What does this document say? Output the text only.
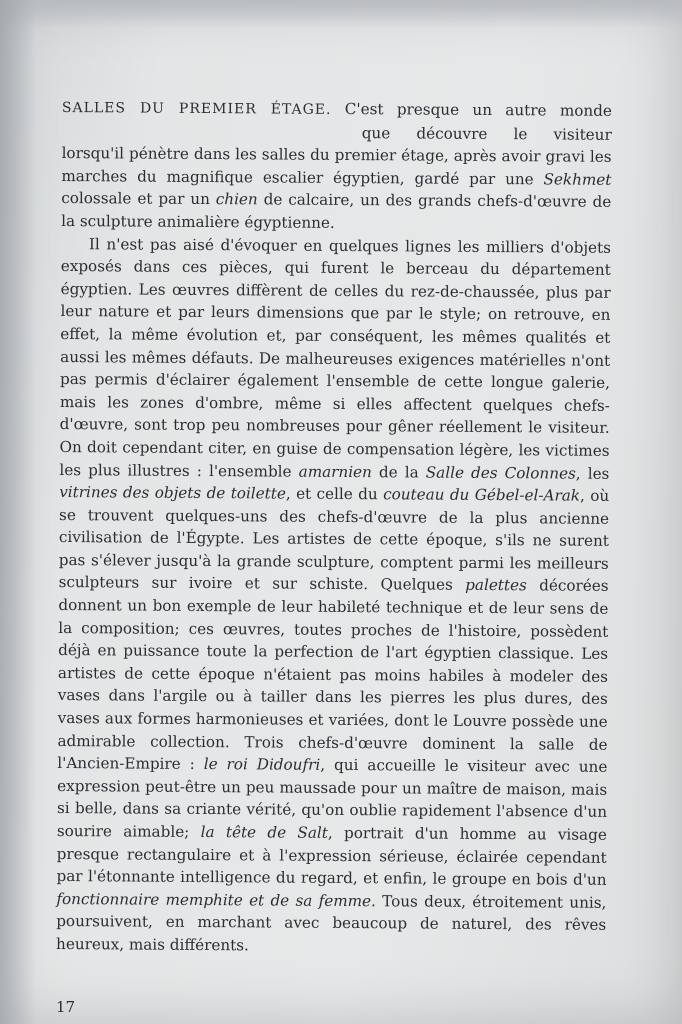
SALLES DU PREMIER ÉTAGE. C'est presque un autre monde
que découvre le visiteur
lorsqu'il pénètre dans les salles du premier étage, après avoir gravi les marches du magnifique escalier égyptien, gardé par une Sekhmet colossale et par un chien de calcaire, un des grands chefs-d'œuvre de la sculpture animalière égyptienne.

Il n'est pas aisé d'évoquer en quelques lignes les milliers d'objets exposés dans ces pièces, qui furent le berceau du département égyptien. Les œuvres diffèrent de celles du rez-de-chaussée, plus par leur nature et par leurs dimensions que par le style; on retrouve, en effet, la même évolution et, par conséquent, les mêmes qualités et aussi les mêmes défauts. De malheureuses exigences matérielles n'ont pas permis d'éclairer également l'ensemble de cette longue galerie, mais les zones d'ombre, même si elles affectent quelques chefs-d'œuvre, sont trop peu nombreuses pour gêner réellement le visiteur. On doit cependant citer, en guise de compensation légère, les victimes les plus illustres : l'ensemble amarnien de la Salle des Colonnes, les vitrines des objets de toilette, et celle du couteau du Gébel-el-Arak, où se trouvent quelques-uns des chefs-d'œuvre de la plus ancienne civilisation de l'Égypte. Les artistes de cette époque, s'ils ne surent pas s'élever jusqu'à la grande sculpture, comptent parmi les meilleurs sculpteurs sur ivoire et sur schiste. Quelques palettes décorées donnent un bon exemple de leur habileté technique et de leur sens de la composition; ces œuvres, toutes proches de l'histoire, possèdent déjà en puissance toute la perfection de l'art égyptien classique. Les artistes de cette époque n'étaient pas moins habiles à modeler des vases dans l'argile ou à tailler dans les pierres les plus dures, des vases aux formes harmonieuses et variées, dont le Louvre possède une admirable collection. Trois chefs-d'œuvre dominent la salle de l'Ancien-Empire : le roi Didoufri, qui accueille le visiteur avec une expression peut-être un peu maussade pour un maître de maison, mais si belle, dans sa criante vérité, qu'on oublie rapidement l'absence d'un sourire aimable; la tête de Salt, portrait d'un homme au visage presque rectangulaire et à l'expression sérieuse, éclairée cependant par l'étonnante intelligence du regard, et enfin, le groupe en bois d'un fonctionnaire memphite et de sa femme. Tous deux, étroitement unis, poursuivent, en marchant avec beaucoup de naturel, des rêves heureux, mais différents.

17
